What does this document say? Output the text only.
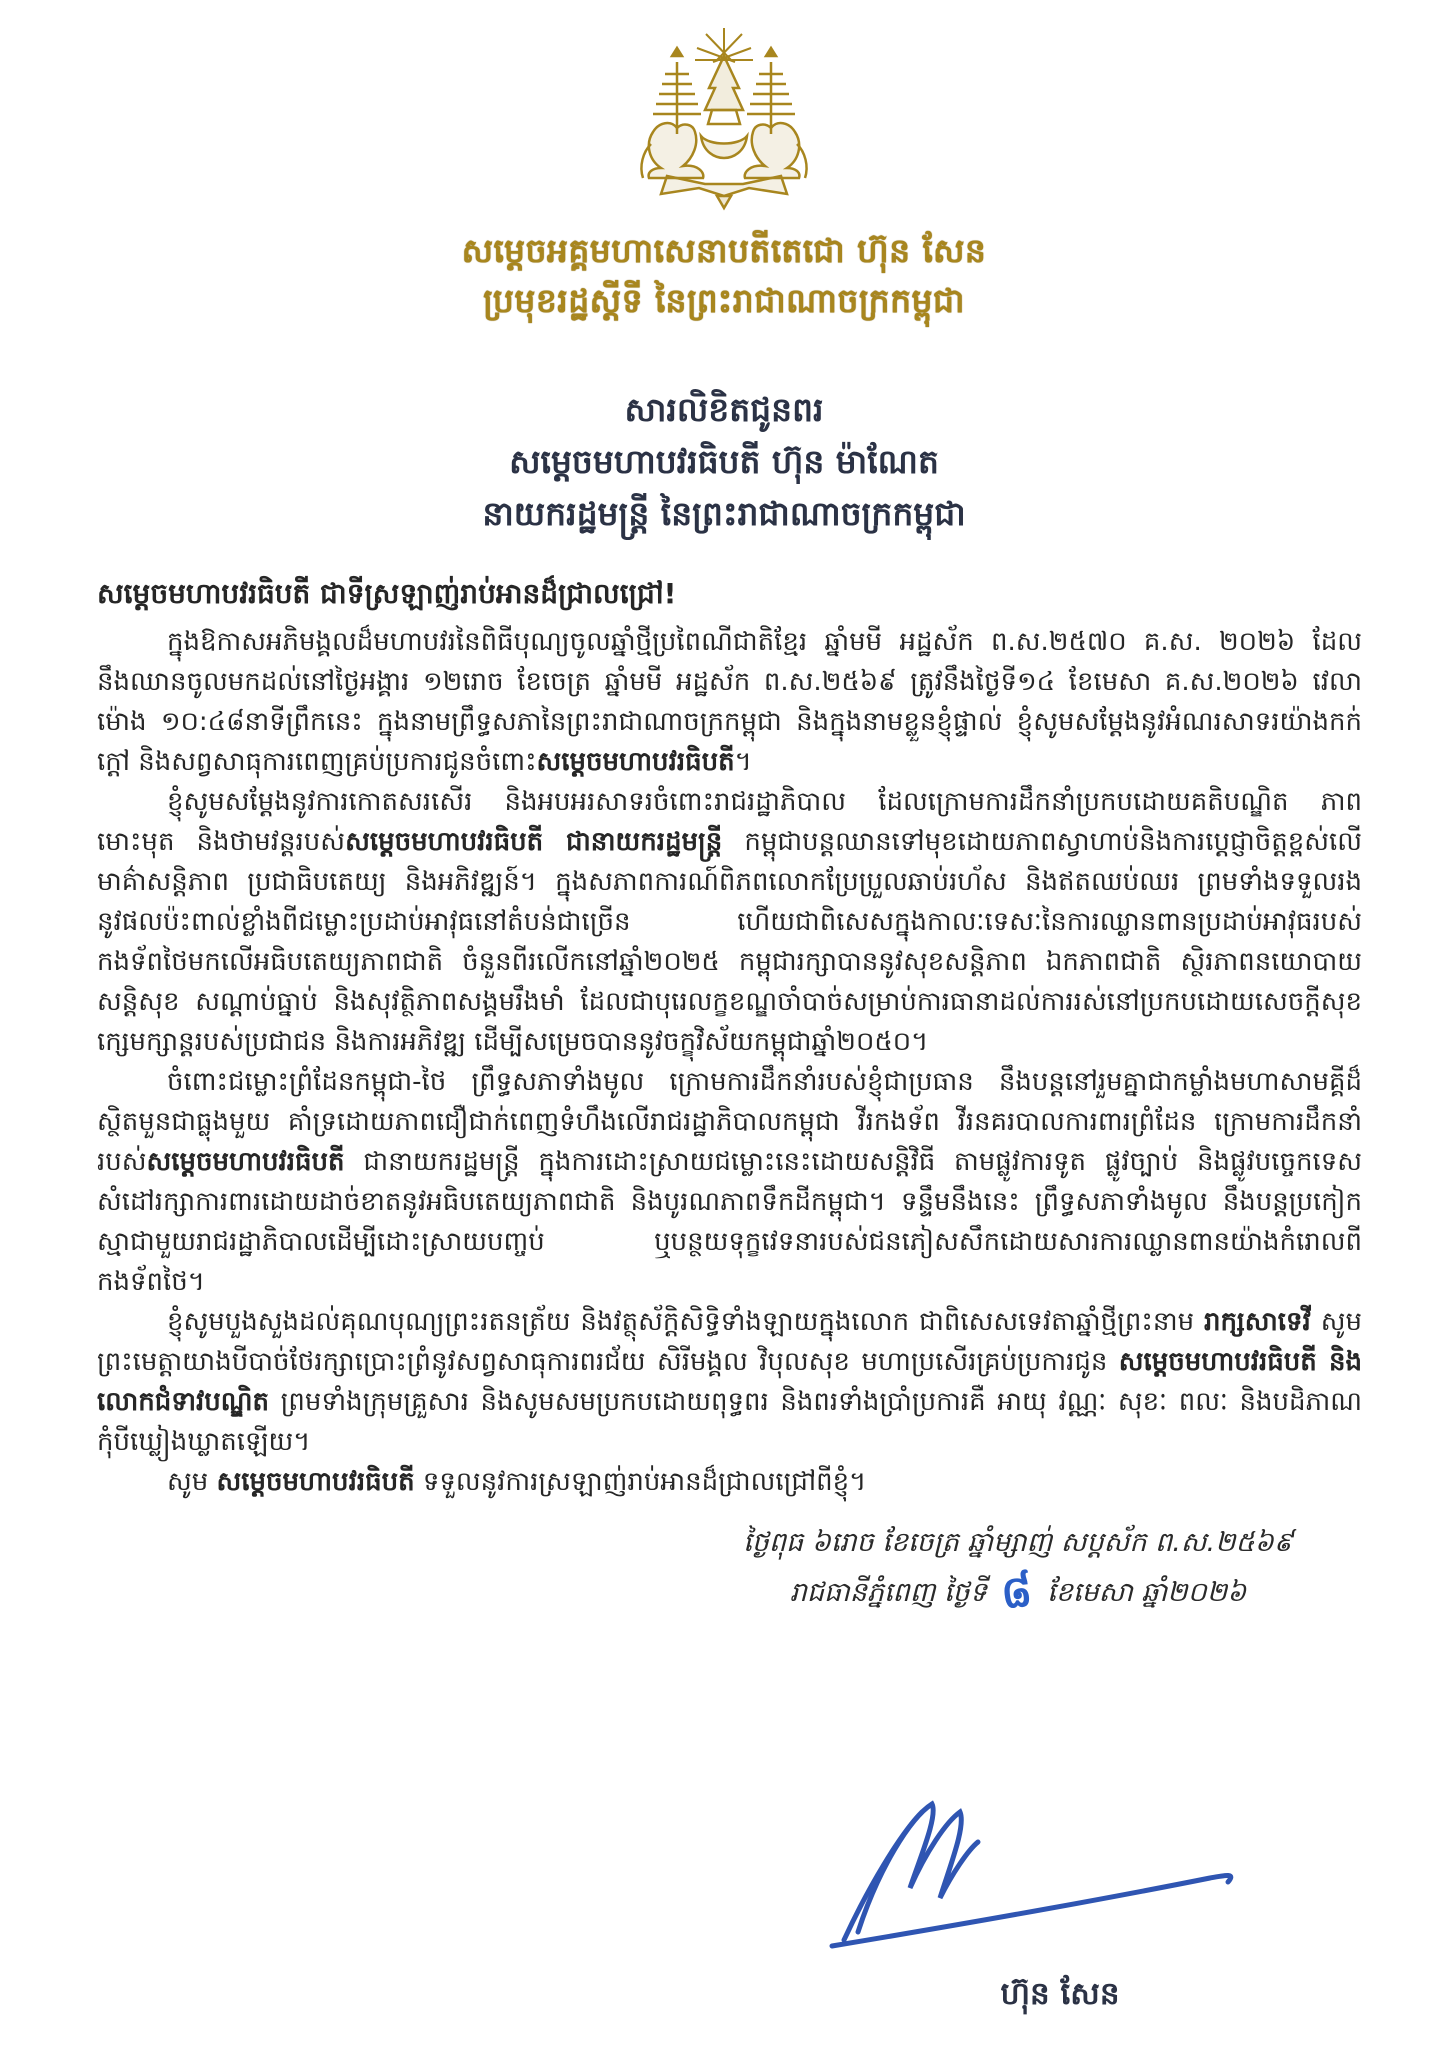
សម្តេចអគ្គមហាសេនាបតីតេជោ ហ៊ុន សែន
ប្រមុខរដ្ឋស្តីទី នៃព្រះរាជាណាចក្រកម្ពុជា
សារលិខិតជូនពរ
សម្តេចមហាបវរធិបតី ហ៊ុន ម៉ាណែត
នាយករដ្ឋមន្ត្រី នៃព្រះរាជាណាចក្រកម្ពុជា
សម្តេចមហាបវរធិបតី ជាទីស្រឡាញ់រាប់អានដ៏ជ្រាលជ្រៅ!

ក្នុងឱកាសអភិមង្គលដ៏មហាបវរនៃពិធីបុណ្យចូលឆ្នាំថ្មីប្រពៃណីជាតិខ្មែរ ឆ្នាំមមី អដ្ឋស័ក ព.ស.២៥៧០ គ.ស. ២០២៦ ដែលនឹងឈានចូលមកដល់នៅថ្ងៃអង្គារ ១២រោច ខែចេត្រ ឆ្នាំមមី អដ្ឋស័ក ព.ស.២៥៦៩ ត្រូវនឹងថ្ងៃទី១៤ ខែមេសា គ.ស.២០២៦ វេលាម៉ោង ១០:៤៨នាទីព្រឹកនេះ ក្នុងនាមព្រឹទ្ធសភានៃព្រះរាជាណាចក្រកម្ពុជា និងក្នុងនាមខ្លួនខ្ញុំផ្ទាល់ ខ្ញុំសូមសម្តែងនូវអំណរសាទរយ៉ាងកក់ក្តៅ និងសព្វសាធុការពេញគ្រប់ប្រការជូនចំពោះសម្តេចមហាបវរធិបតី។

ខ្ញុំសូមសម្តែងនូវការកោតសរសើរ និងអបអរសាទរចំពោះរាជរដ្ឋាភិបាល ដែលក្រោមការដឹកនាំប្រកបដោយគតិបណ្ឌិត ភាពមោះមុត និងថាមវន្តរបស់សម្តេចមហាបវរធិបតី ជានាយករដ្ឋមន្ត្រី កម្ពុជាបន្តឈានទៅមុខដោយភាពស្វាហាប់និងការប្តេជ្ញាចិត្តខ្ពស់លើមាគ៌ាសន្តិភាព ប្រជាធិបតេយ្យ និងអភិវឌ្ឍន៍។ ក្នុងសភាពការណ៍ពិភពលោកប្រែប្រួលឆាប់រហ័ស និងឥតឈប់ឈរ ព្រមទាំងទទួលរងនូវផលប៉ះពាល់ខ្លាំងពីជម្លោះប្រដាប់អាវុធនៅតំបន់ជាច្រើន ហើយជាពិសេសក្នុងកាលៈទេសៈនៃការឈ្លានពានប្រដាប់អាវុធរបស់កងទ័ពថៃមកលើអធិបតេយ្យភាពជាតិ ចំនួនពីរលើកនៅឆ្នាំ២០២៥ កម្ពុជារក្សាបាននូវសុខសន្តិភាព ឯកភាពជាតិ ស្ថិរភាពនយោបាយ សន្តិសុខ សណ្តាប់ធ្នាប់ និងសុវត្ថិភាពសង្គមរឹងមាំ ដែលជាបុរេលក្ខខណ្ឌចាំបាច់សម្រាប់ការធានាដល់ការរស់នៅប្រកបដោយសេចក្តីសុខក្សេមក្សាន្តរបស់ប្រជាជន និងការអភិវឌ្ឍ ដើម្បីសម្រេចបាននូវចក្ខុវិស័យកម្ពុជាឆ្នាំ២០៥០។

ចំពោះជម្លោះព្រំដែនកម្ពុជា-ថៃ ព្រឹទ្ធសភាទាំងមូល ក្រោមការដឹកនាំរបស់ខ្ញុំជាប្រធាន នឹងបន្តនៅរួមគ្នាជាកម្លាំងមហាសាមគ្គីដ៏ស្ថិតមួនជាធ្លុងមួយ គាំទ្រដោយភាពជឿជាក់ពេញទំហឹងលើរាជរដ្ឋាភិបាលកម្ពុជា វីរកងទ័ព វីរនគរបាលការពារព្រំដែន ក្រោមការដឹកនាំរបស់សម្តេចមហាបវរធិបតី ជានាយករដ្ឋមន្ត្រី ក្នុងការដោះស្រាយជម្លោះនេះដោយសន្តិវិធី តាមផ្លូវការទូត ផ្លូវច្បាប់ និងផ្លូវបច្ចេកទេស សំដៅរក្សាការពារដោយដាច់ខាតនូវអធិបតេយ្យភាពជាតិ និងបូរណភាពទឹកដីកម្ពុជា។ ទន្ទឹមនឹងនេះ ព្រឹទ្ធសភាទាំងមូល នឹងបន្តប្រកៀកស្មាជាមួយរាជរដ្ឋាភិបាលដើម្បីដោះស្រាយបញ្ចប់ ឬបន្ថយទុក្ខវេទនារបស់ជនភៀសសឹកដោយសារការឈ្លានពានយ៉ាងកំរោលពីកងទ័ពថៃ។

ខ្ញុំសូមបួងសួងដល់គុណបុណ្យព្រះរតនត្រ័យ និងវត្ថុស័ក្តិសិទ្ធិទាំងឡាយក្នុងលោក ជាពិសេសទេវតាឆ្នាំថ្មីព្រះនាម រាក្សសាទេវី សូមព្រះមេត្តាយាងបីបាច់ថែរក្សាប្រោះព្រំនូវសព្វសាធុការពរជ័យ សិរីមង្គល វិបុលសុខ មហាប្រសើរគ្រប់ប្រការជូន សម្តេចមហាបវរធិបតី និងលោកជំទាវបណ្ឌិត ព្រមទាំងក្រុមគ្រួសារ និងសូមសមប្រកបដោយពុទ្ធពរ និងពរទាំងប្រាំប្រការគឺ អាយុ វណ្ណៈ សុខៈ ពលៈ និងបដិភាណ កុំបីឃ្លៀងឃ្លាតឡើយ។

សូម សម្តេចមហាបវរធិបតី ទទួលនូវការស្រឡាញ់រាប់អានដ៏ជ្រាលជ្រៅពីខ្ញុំ។

ថ្ងៃពុធ ៦រោច ខែចេត្រ ឆ្នាំម្សាញ់ សប្តស័ក ព.ស.២៥៦៩
រាជធានីភ្នំពេញ ថ្ងៃទី ៨ ខែមេសា ឆ្នាំ២០២៦
ហ៊ុន សែន
